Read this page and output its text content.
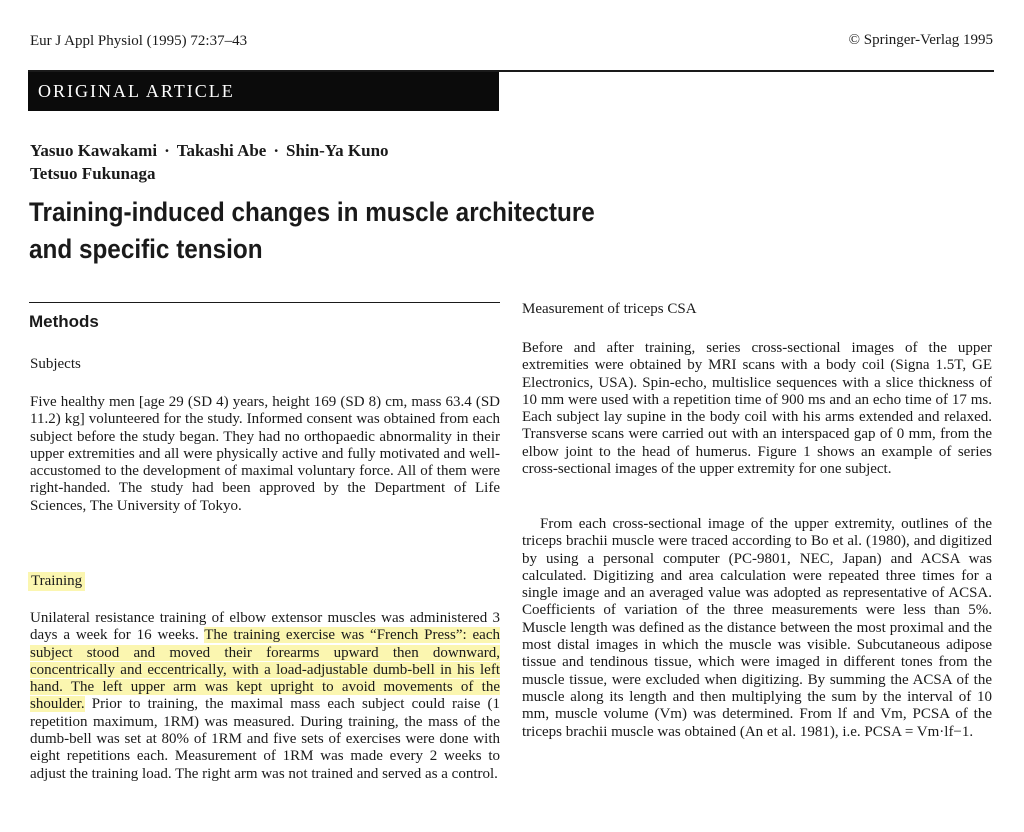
Eur J Appl Physiol (1995) 72:37–43	© Springer-Verlag 1995
ORIGINAL ARTICLE
Yasuo Kawakami · Takashi Abe · Shin-Ya Kuno
Tetsuo Fukunaga
Training-induced changes in muscle architecture
and specific tension
Methods
Subjects

Five healthy men [age 29 (SD 4) years, height 169 (SD 8) cm, mass 63.4 (SD 11.2) kg] volunteered for the study. Informed consent was obtained from each subject before the study began. They had no orthopaedic abnormality in their upper extremities and all were physically active and fully motivated and well-accustomed to the development of maximal voluntary force. All of them were right-handed. The study had been approved by the Department of Life Sciences, The University of Tokyo.

Training

Unilateral resistance training of elbow extensor muscles was administered 3 days a week for 16 weeks. The training exercise was “French Press”: each subject stood and moved their forearms upward then downward, concentrically and eccentrically, with a load-adjustable dumb-bell in his left hand. The left upper arm was kept upright to avoid movements of the shoulder. Prior to training, the maximal mass each subject could raise (1 repetition maximum, 1RM) was measured. During training, the mass of the dumb-bell was set at 80% of 1RM and five sets of exercises were done with eight repetitions each. Measurement of 1RM was made every 2 weeks to adjust the training load. The right arm was not trained and served as a control.

Measurement of triceps CSA

Before and after training, series cross-sectional images of the upper extremities were obtained by MRI scans with a body coil (Signa 1.5T, GE Electronics, USA). Spin-echo, multislice sequences with a slice thickness of 10 mm were used with a repetition time of 900 ms and an echo time of 17 ms. Each subject lay supine in the body coil with his arms extended and relaxed. Transverse scans were carried out with an interspaced gap of 0 mm, from the elbow joint to the head of humerus. Figure 1 shows an example of series cross-sectional images of the upper extremity for one subject.

From each cross-sectional image of the upper extremity, outlines of the triceps brachii muscle were traced according to Bo et al. (1980), and digitized by using a personal computer (PC-9801, NEC, Japan) and ACSA was calculated. Digitizing and area calculation were repeated three times for a single image and an averaged value was adopted as representative of ACSA. Coefficients of variation of the three measurements were less than 5%. Muscle length was defined as the distance between the most proximal and the most distal images in which the muscle was visible. Subcutaneous adipose tissue and tendinous tissue, which were imaged in different tones from the muscle tissue, were excluded when digitizing. By summing the ACSA of the muscle along its length and then multiplying the sum by the interval of 10 mm, muscle volume (Vm) was determined. From lf and Vm, PCSA of the triceps brachii muscle was obtained (An et al. 1981), i.e. PCSA = Vm·lf−1.
